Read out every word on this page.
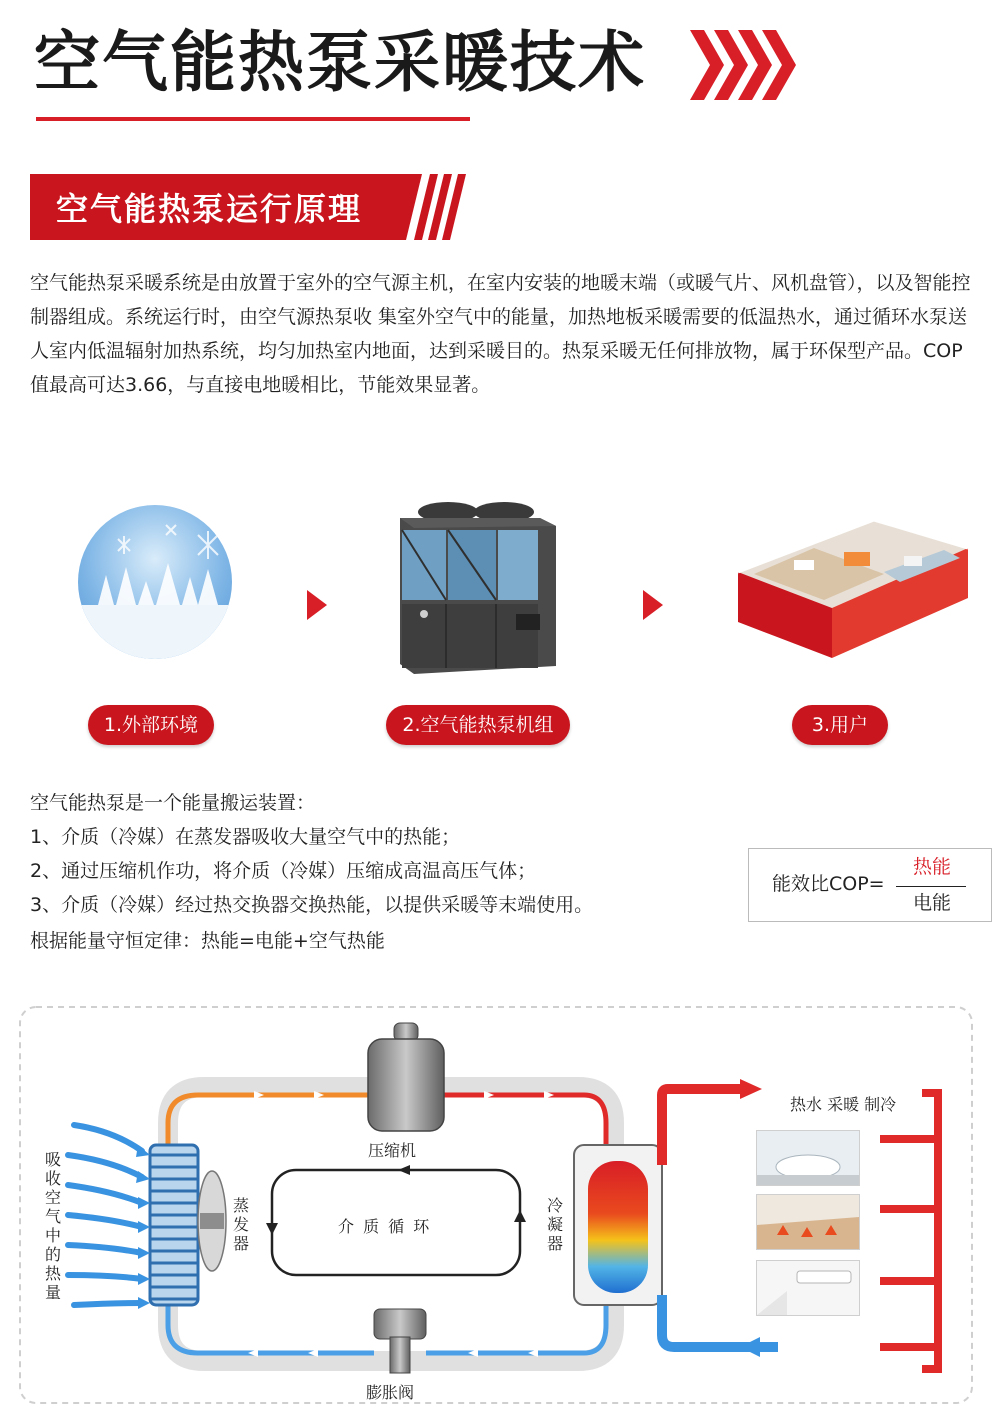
空气能热泵采暖技术
空气能热泵运行原理

空气能热泵采暖系统是由放置于室外的空气源主机，在室内安装的地暖末端（或暖气片、风机盘管），以及智能控制器组成。系统运行时，由空气源热泵收 集室外空气中的能量，加热地板采暖需要的低温热水，通过循环水泵送人室内低温辐射加热系统，均匀加热室内地面，达到采暖目的。热泵采暖无任何排放物，属于环保型产品。COP值最高可达3.66，与直接电地暖相比，节能效果显著。

1.外部环境	2.空气能热泵机组	3.用户
空气能热泵是一个能量搬运装置：
1、介质（冷媒）在蒸发器吸收大量空气中的热能；
2、通过压缩机作功，将介质（冷媒）压缩成高温高压气体；
3、介质（冷媒）经过热交换器交换热能，以提供采暖等末端使用。
根据能量守恒定律：热能=电能+空气热能
能效比COP=
热能
电能
压缩机
蒸发器
冷凝器
膨胀阀
介 质 循 环
吸收空气中的热量
热水 采暖 制冷
